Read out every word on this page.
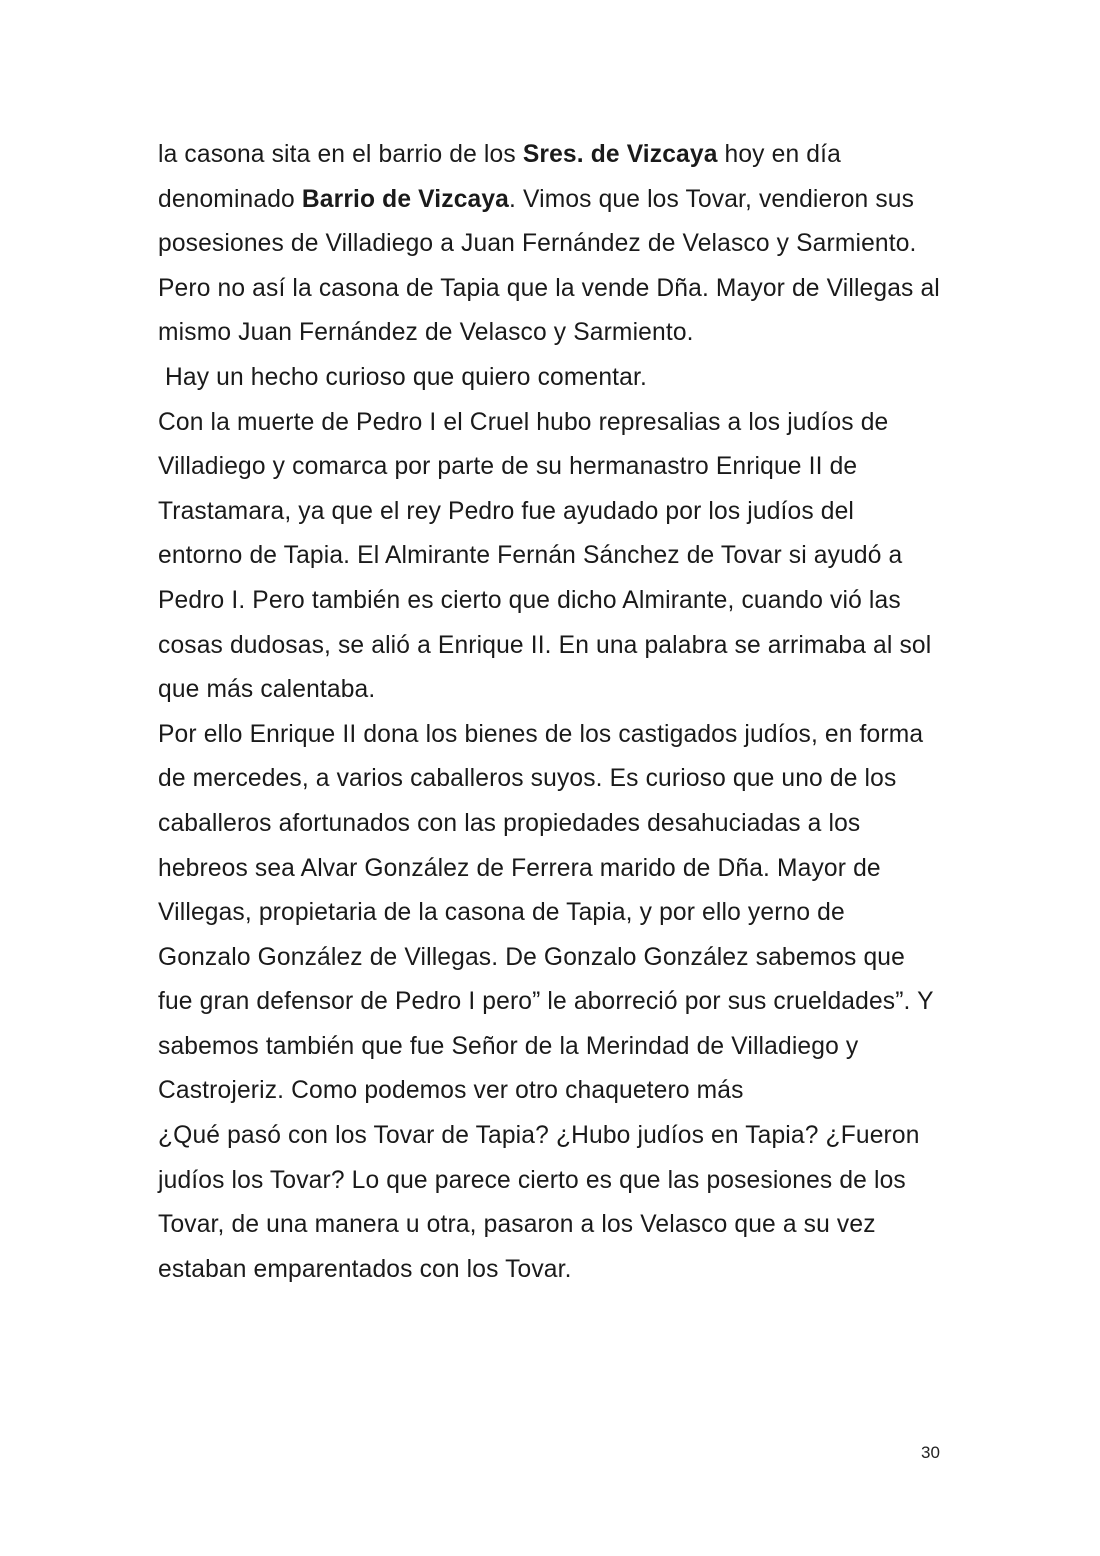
la casona sita en el barrio de los Sres. de Vizcaya hoy en día denominado Barrio de Vizcaya. Vimos que los Tovar, vendieron sus posesiones de Villadiego a Juan Fernández de Velasco y Sarmiento. Pero no así la casona de Tapia que la vende Dña. Mayor de Villegas al mismo Juan Fernández de Velasco y Sarmiento.

Hay un hecho curioso que quiero comentar.

Con la muerte de Pedro I el Cruel hubo represalias a los judíos de Villadiego y comarca por parte de su hermanastro Enrique II de Trastamara, ya que el rey Pedro fue ayudado por los judíos del entorno de Tapia. El Almirante Fernán Sánchez de Tovar si ayudó a Pedro I. Pero también es cierto que dicho Almirante, cuando vió las cosas dudosas, se alió a Enrique II. En una palabra se arrimaba al sol que más calentaba.

Por ello Enrique II dona los bienes de los castigados judíos, en forma de mercedes, a varios caballeros suyos. Es curioso que uno de los caballeros afortunados con las propiedades desahuciadas a los hebreos sea Alvar González de Ferrera marido de Dña. Mayor de Villegas, propietaria de la casona de Tapia, y por ello yerno de Gonzalo González de Villegas. De Gonzalo González sabemos que fue gran defensor de Pedro I pero” le aborreció por sus crueldades”. Y sabemos también que fue Señor de la Merindad de Villadiego y Castrojeriz. Como podemos ver otro chaquetero más

¿Qué pasó con los Tovar de Tapia? ¿Hubo judíos en Tapia? ¿Fueron judíos los Tovar? Lo que parece cierto es que las posesiones de los Tovar, de una manera u otra, pasaron a los Velasco que a su vez estaban emparentados con los Tovar.

30
